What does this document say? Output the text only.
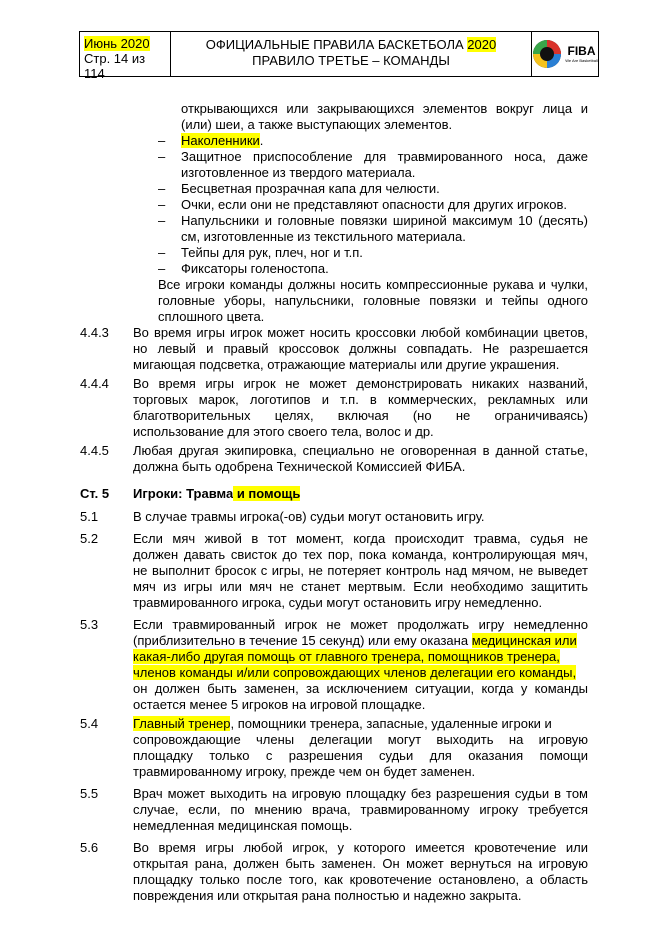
Июнь 2020
Стр. 14 из
114
ОФИЦИАЛЬНЫЕ ПРАВИЛА БАСКЕТБОЛА 2020
ПРАВИЛО ТРЕТЬЕ – КОМАНДЫ
FIBA
We Are Basketball
открывающихся или закрывающихся элементов вокруг лица и
(или) шеи, а также выступающих элементов.
– Наколенники.
– Защитное приспособление для травмированного носа, даже
изготовленное из твердого материала.
– Бесцветная прозрачная капа для челюсти.
– Очки, если они не представляют опасности для других игроков.
– Напульсники и головные повязки шириной максимум 10 (десять)
см, изготовленные из текстильного материала.
– Тейпы для рук, плеч, ног и т.п.
– Фиксаторы голеностопа.
Все игроки команды должны носить компрессионные рукава и чулки,
головные уборы, напульсники, головные повязки и тейпы одного
сплошного цвета.
4.4.3 Во время игры игрок может носить кроссовки любой комбинации цветов,
но левый и правый кроссовок должны совпадать. Не разрешается
мигающая подсветка, отражающие материалы или другие украшения.
4.4.4 Во время игры игрок не может демонстрировать никаких названий,
торговых марок, логотипов и т.п. в коммерческих, рекламных или
благотворительных целях, включая (но не ограничиваясь)
использование для этого своего тела, волос и др.
4.4.5 Любая другая экипировка, специально не оговоренная в данной статье,
должна быть одобрена Технической Комиссией ФИБА.
Ст. 5 Игроки: Травма и помощь
5.1	В случае травмы игрока(-ов) судьи могут остановить игру.
5.2	Если мяч живой в тот момент, когда происходит травма, судья не
должен давать свисток до тех пор, пока команда, контролирующая мяч,
не выполнит бросок с игры, не потеряет контроль над мячом, не выведет
мяч из игры или мяч не станет мертвым. Если необходимо защитить
травмированного игрока, судьи могут остановить игру немедленно.
5.3	Если травмированный игрок не может продолжать игру немедленно
(приблизительно в течение 15 секунд) или ему оказана медицинская или
какая-либо другая помощь от главного тренера, помощников тренера,
членов команды и/или сопровождающих членов делегации его команды,
он должен быть заменен, за исключением ситуации, когда у команды
остается менее 5 игроков на игровой площадке.
5.4	Главный тренер, помощники тренера, запасные, удаленные игроки и
сопровождающие члены делегации могут выходить на игровую
площадку только с разрешения судьи для оказания помощи
травмированному игроку, прежде чем он будет заменен.
5.5	Врач может выходить на игровую площадку без разрешения судьи в том
случае, если, по мнению врача, травмированному игроку требуется
немедленная медицинская помощь.
5.6	Во время игры любой игрок, у которого имеется кровотечение или
открытая рана, должен быть заменен. Он может вернуться на игровую
площадку только после того, как кровотечение остановлено, а область
повреждения или открытая рана полностью и надежно закрыта.
